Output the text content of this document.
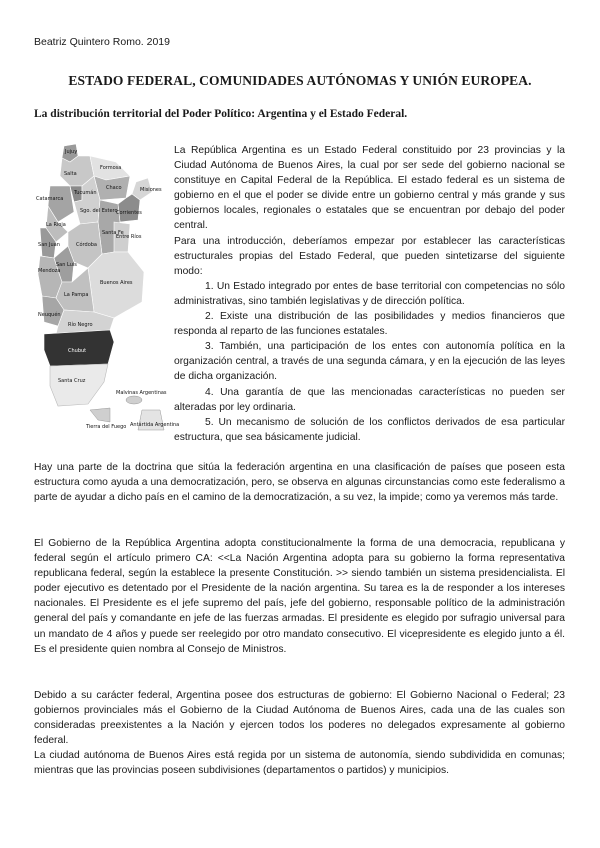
Beatriz Quintero Romo. 2019
ESTADO FEDERAL, COMUNIDADES AUTÓNOMAS Y UNIÓN EUROPEA.
La distribución territorial del Poder Político: Argentina y el Estado Federal.
Jujuy
Salta
Formosa
Chaco	Misiones
Catamarca
Tucumán
Sgo. del Estero
Corrientes
La Rioja
Santa Fe
San Juan	Córdoba
Entre Ríos
Mendoza
San Luis
Buenos Aires
La Pampa
Neuquén
Río Negro
Chubut
Santa Cruz
Malvinas Argentinas
Tierra del Fuego Antártida Argentina

La República Argentina es un Estado Federal constituido por 23 provincias y la Ciudad Autónoma de Buenos Aires, la cual por ser sede del gobierno nacional se constituye en Capital Federal de la República. El estado federal es un sistema de gobierno en el que el poder se divide entre un gobierno central y más grande y sus gobiernos locales, regionales o estatales que se encuentran por debajo del poder central.

Para una introducción, deberíamos empezar por establecer las características estructurales propias del Estado Federal, que pueden sintetizarse del siguiente modo:

1. Un Estado integrado por entes de base territorial con competencias no sólo administrativas, sino también legislativas y de dirección política.

2. Existe una distribución de las posibilidades y medios financieros que responda al reparto de las funciones estatales.

3. También, una participación de los entes con autonomía política en la organización central, a través de una segunda cámara, y en la ejecución de las leyes de dicha organización.

4. Una garantía de que las mencionadas características no pueden ser alteradas por ley ordinaria.

5. Un mecanismo de solución de los conflictos derivados de esa particular estructura, que sea básicamente judicial.

Hay una parte de la doctrina que sitúa la federación argentina en una clasificación de países que poseen esta estructura como ayuda a una democratización, pero, se observa en algunas circunstancias como este federalismo a parte de ayudar a dicho país en el camino de la democratización, a su vez, la impide; como ya veremos más tarde.

El Gobierno de la República Argentina adopta constitucionalmente la forma de una democracia, republicana y federal según el artículo primero CA: <<La Nación Argentina adopta para su gobierno la forma representativa republicana federal, según la establece la presente Constitución. >> siendo también un sistema presidencialista. El poder ejecutivo es detentado por el Presidente de la nación argentina. Su tarea es la de responder a los intereses nacionales. El Presidente es el jefe supremo del país, jefe del gobierno, responsable político de la administración general del país y comandante en jefe de las fuerzas armadas. El presidente es elegido por sufragio universal para un mandato de 4 años y puede ser reelegido por otro mandato consecutivo. El vicepresidente es elegido junto a él. Es el presidente quien nombra al Consejo de Ministros.

Debido a su carácter federal, Argentina posee dos estructuras de gobierno: El Gobierno Nacional o Federal; 23 gobiernos provinciales más el Gobierno de la Ciudad Autónoma de Buenos Aires, cada una de las cuales son consideradas preexistentes a la Nación y ejercen todos los poderes no delegados expresamente al gobierno federal.

La ciudad autónoma de Buenos Aires está regida por un sistema de autonomía, siendo subdividida en comunas; mientras que las provincias poseen subdivisiones (departamentos o partidos) y municipios.
